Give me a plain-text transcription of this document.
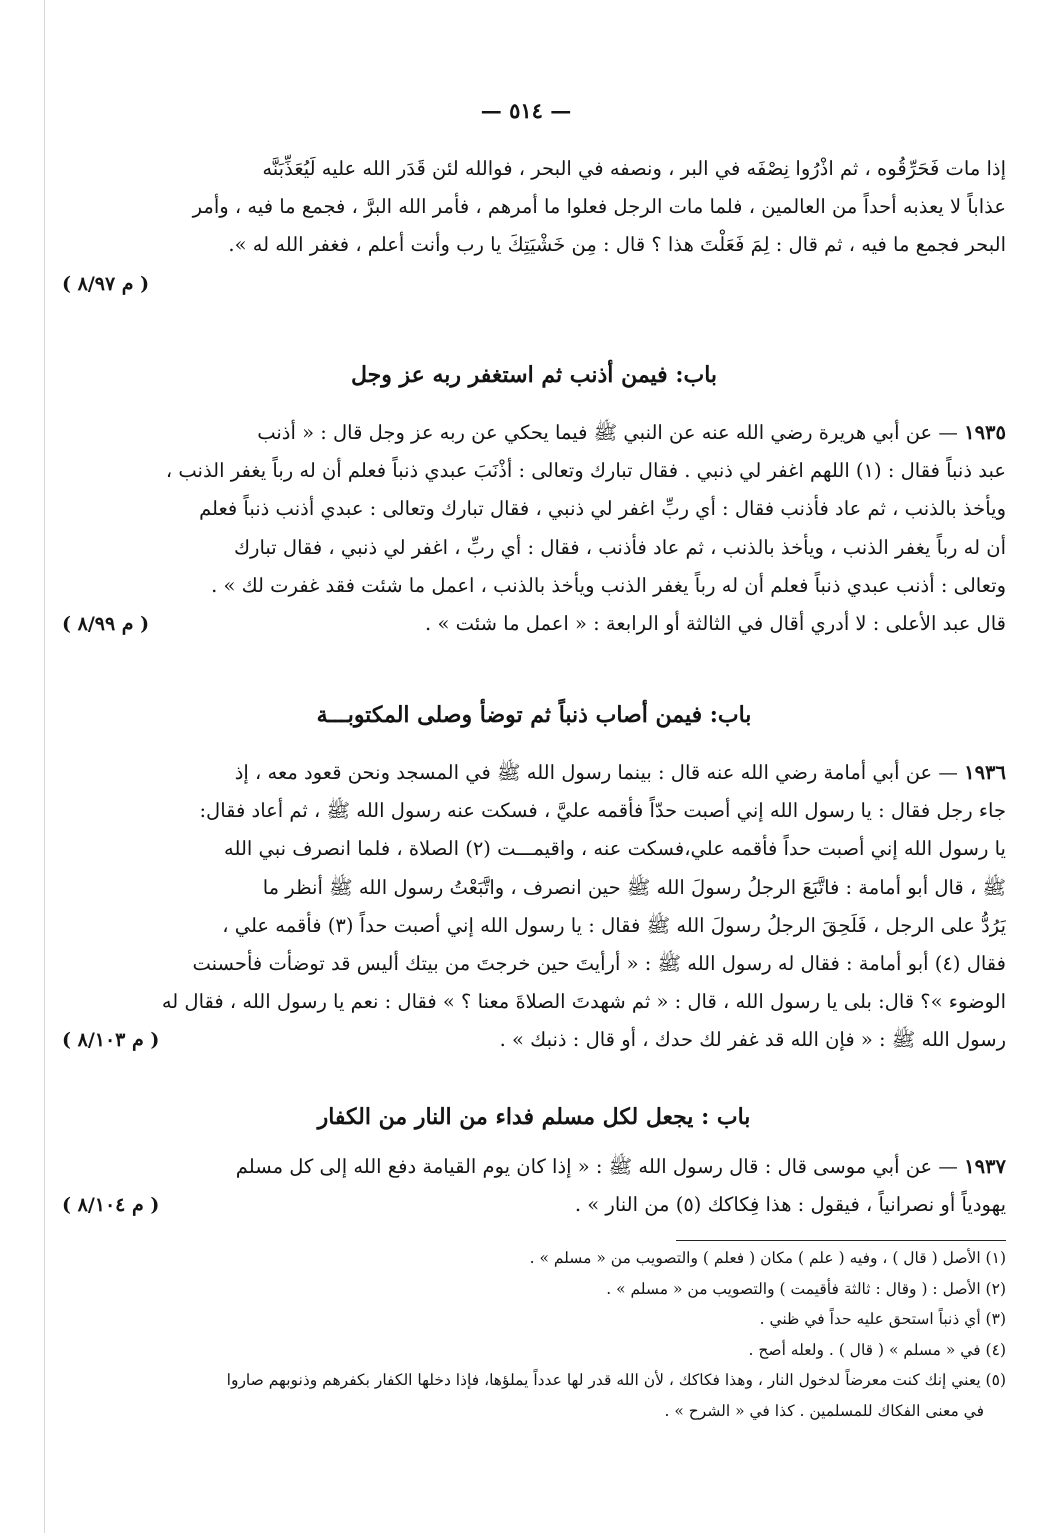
— ٥١٤ —
إذا مات فَحَرِّقُوه ، ثم اذْرُوا نِصْفَه في البر ، ونصفه في البحر ، فوالله لئن قَدَر الله عليه لَيُعَذِّبَنَّه
عذاباً لا يعذبه أحداً من العالمين ، فلما مات الرجل فعلوا ما أمرهم ، فأمر الله البرَّ ، فجمع ما فيه ، وأمر
البحر فجمع ما فيه ، ثم قال : لِمَ فَعَلْتَ هذا ؟ قال : مِن خَشْيَتِكَ يا رب وأنت أعلم ، فغفر الله له ».
( م ٨/٩٧ )
باب: فيمن أذنب ثم استغفر ربه عز وجل
١٩٣٥ — عن أبي هريرة رضي الله عنه عن النبي ﷺ فيما يحكي عن ربه عز وجل قال : « أذنب
عبد ذنباً فقال : (١) اللهم اغفر لي ذنبي . فقال تبارك وتعالى : أذْنَبَ عبدي ذنباً فعلم أن له رباً يغفر الذنب ،
ويأخذ بالذنب ، ثم عاد فأذنب فقال : أي ربِّ اغفر لي ذنبي ، فقال تبارك وتعالى : عبدي أذنب ذنباً فعلم
أن له رباً يغفر الذنب ، ويأخذ بالذنب ، ثم عاد فأذنب ، فقال : أي ربِّ ، اغفر لي ذنبي ، فقال تبارك
وتعالى : أذنب عبدي ذنباً فعلم أن له رباً يغفر الذنب ويأخذ بالذنب ، اعمل ما شئت فقد غفرت لك » .
قال عبد الأعلى : لا أدري أقال في الثالثة أو الرابعة : « اعمل ما شئت » .
( م ٨/٩٩ )
باب: فيمن أصاب ذنباً ثم توضأ وصلى المكتوبـــة
١٩٣٦ — عن أبي أمامة رضي الله عنه قال : بينما رسول الله ﷺ في المسجد ونحن قعود معه ، إذ
جاء رجل فقال : يا رسول الله إني أصبت حدّاً فأقمه عليَّ ، فسكت عنه رسول الله ﷺ ، ثم أعاد فقال:
يا رسول الله إني أصبت حداً فأقمه علي،فسكت عنه ، واقيمـــت (٢) الصلاة ، فلما انصرف نبي الله
ﷺ ، قال أبو أمامة : فاتَّبَعَ الرجلُ رسولَ الله ﷺ حين انصرف ، واتَّبَعْتُ رسول الله ﷺ أنظر ما
يَرُدُّ على الرجل ، فَلَحِقَ الرجلُ رسولَ الله ﷺ فقال : يا رسول الله إني أصبت حداً (٣) فأقمه علي ،
فقال (٤) أبو أمامة : فقال له رسول الله ﷺ : « أرأيتَ حين خرجتَ من بيتك أليس قد توضأت فأحسنت
الوضوء »؟ قال: بلى يا رسول الله ، قال : « ثم شهدتَ الصلاةَ معنا ؟ » فقال : نعم يا رسول الله ، فقال له
رسول الله ﷺ : « فإن الله قد غفر لك حدك ، أو قال : ذنبك » .
( م ٨/١٠٣ )
باب : يجعل لكل مسلم فداء من النار من الكفار
١٩٣٧ — عن أبي موسى قال : قال رسول الله ﷺ : « إذا كان يوم القيامة دفع الله إلى كل مسلم
يهودياً أو نصرانياً ، فيقول : هذا فِكاكك (٥) من النار » .
( م ٨/١٠٤ )
(١) الأصل ( قال ) ، وفيه ( علم ) مكان ( فعلم ) والتصويب من « مسلم » .
(٢) الأصل : ( وقال : ثالثة فأقيمت ) والتصويب من « مسلم » .
(٣) أي ذنباً استحق عليه حداً في ظني .
(٤) في « مسلم » ( قال ) . ولعله أصح .
(٥) يعني إنك كنت معرضاً لدخول النار ، وهذا فكاكك ، لأن الله قدر لها عدداً يملؤها، فإذا دخلها الكفار بكفرهم وذنوبهم صاروا
في معنى الفكاك للمسلمين . كذا في « الشرح » .
